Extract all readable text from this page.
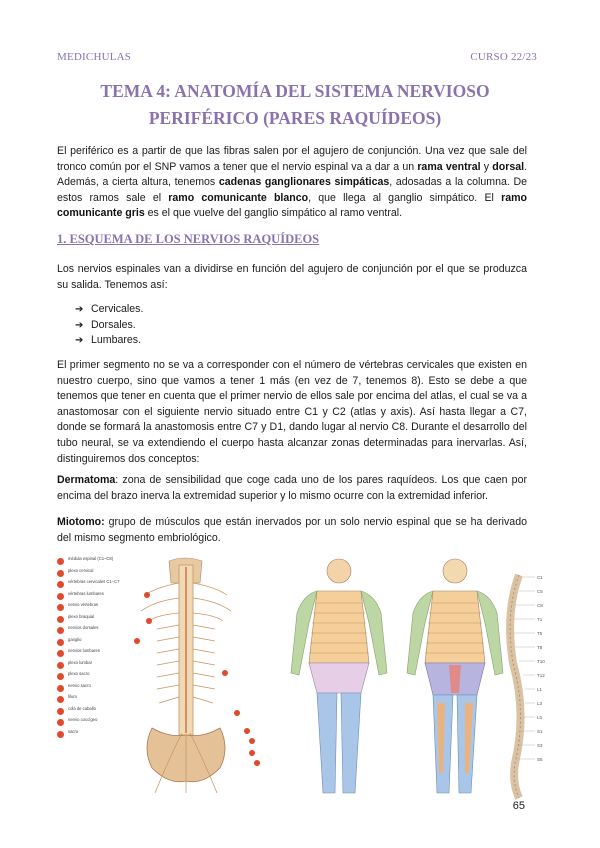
MEDICHULAS	CURSO 22/23
TEMA 4: ANATOMÍA DEL SISTEMA NERVIOSO
PERIFÉRICO (PARES RAQUÍDEOS)

El periférico es a partir de que las fibras salen por el agujero de conjunción. Una vez que sale del tronco común por el SNP vamos a tener que el nervio espinal va a dar a un rama ventral y dorsal. Además, a cierta altura, tenemos cadenas ganglionares simpáticas, adosadas a la columna. De estos ramos sale el ramo comunicante blanco, que llega al ganglio simpático. El ramo comunicante gris es el que vuelve del ganglio simpático al ramo ventral.

1. ESQUEMA DE LOS NERVIOS RAQUÍDEOS

Los nervios espinales van a dividirse en función del agujero de conjunción por el que se produzca su salida. Tenemos así:

➔ Cervicales.
➔ Dorsales.
➔ Lumbares.

El primer segmento no se va a corresponder con el número de vértebras cervicales que existen en nuestro cuerpo, sino que vamos a tener 1 más (en vez de 7, tenemos 8). Esto se debe a que tenemos que tener en cuenta que el primer nervio de ellos sale por encima del atlas, el cual se va a anastomosar con el siguiente nervio situado entre C1 y C2 (atlas y axis). Así hasta llegar a C7, donde se formará la anastomosis entre C7 y D1, dando lugar al nervio C8. Durante el desarrollo del tubo neural, se va extendiendo el cuerpo hasta alcanzar zonas determinadas para inervarlas. Así, distinguiremos dos conceptos:

Dermatoma: zona de sensibilidad que coge cada uno de los pares raquídeos. Los que caen por encima del brazo inerva la extremidad superior y lo mismo ocurre con la extremidad inferior.

Miotomo: grupo de músculos que están inervados por un solo nervio espinal que se ha derivado del mismo segmento embriológico.

médula espinal (C1–C8)
plexo cervical
vértebras cervicales C1–C7
vértebras lumbares
nervio vértebras
plexo braquial
nervios dorsales
ganglio
nervios lumbares
plexo lumbar
plexo sacro
nervio sacro
filum
cola de caballo
nervio coccígeo
sacro
C1
C5
C8
T1
T5
T8
T10
T12
L1
L3
L5
S1
S3
S5
65
